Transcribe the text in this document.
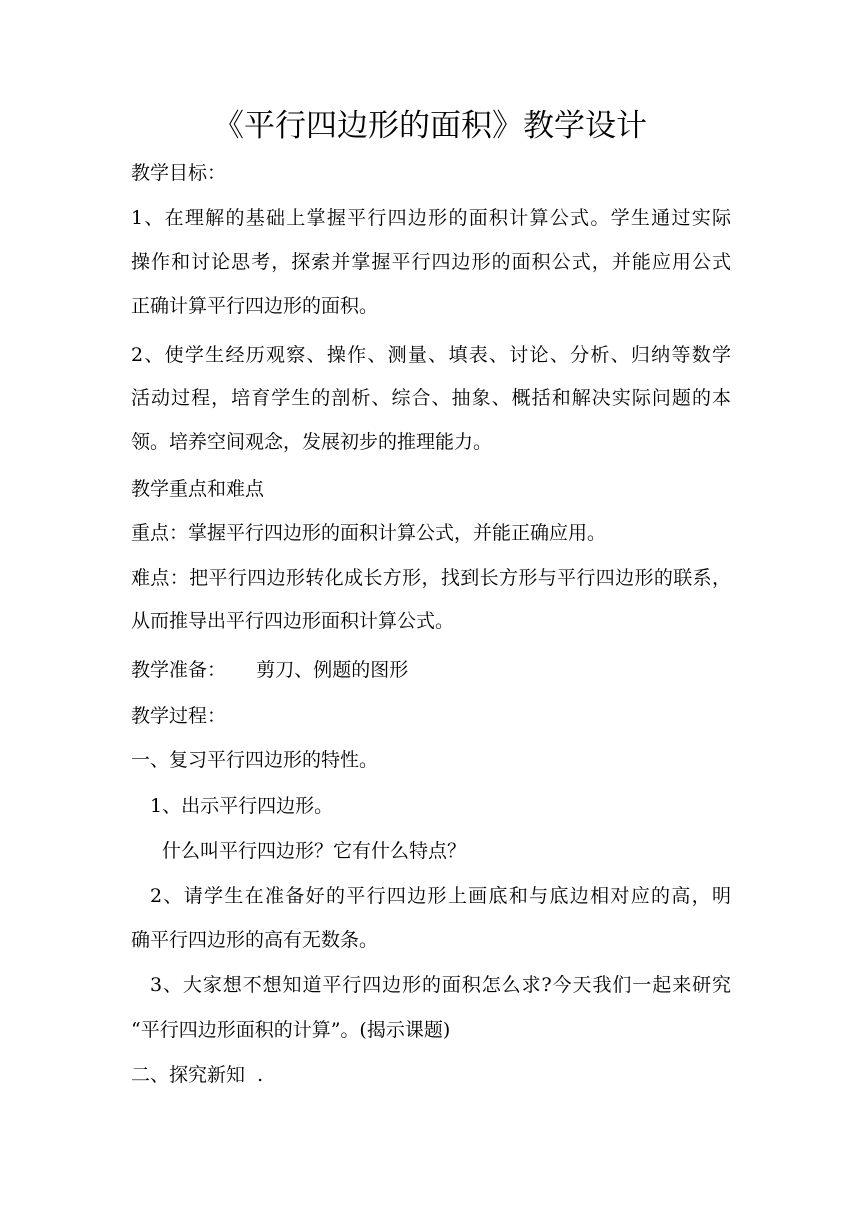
《平行四边形的面积》教学设计
教学目标：
1、在理解的基础上掌握平行四边形的面积计算公式。学生通过实际
操作和讨论思考，探索并掌握平行四边形的面积公式，并能应用公式
正确计算平行四边形的面积。
2、使学生经历观察、操作、测量、填表、讨论、分析、归纳等数学
活动过程，培育学生的剖析、综合、抽象、概括和解决实际问题的本
领。培养空间观念，发展初步的推理能力。
教学重点和难点
重点：掌握平行四边形的面积计算公式，并能正确应用。
难点：把平行四边形转化成长方形，找到长方形与平行四边形的联系，
从而推导出平行四边形面积计算公式。
教学准备：     剪刀、例题的图形
教学过程：
一、复习平行四边形的特性。
1、出示平行四边形。
什么叫平行四边形？它有什么特点？
2、请学生在准备好的平行四边形上画底和与底边相对应的高，明
确平行四边形的高有无数条。
3、大家想不想知道平行四边形的面积怎么求?今天我们一起来研究
“平行四边形面积的计算”。(揭示课题)
二、探究新知  .
